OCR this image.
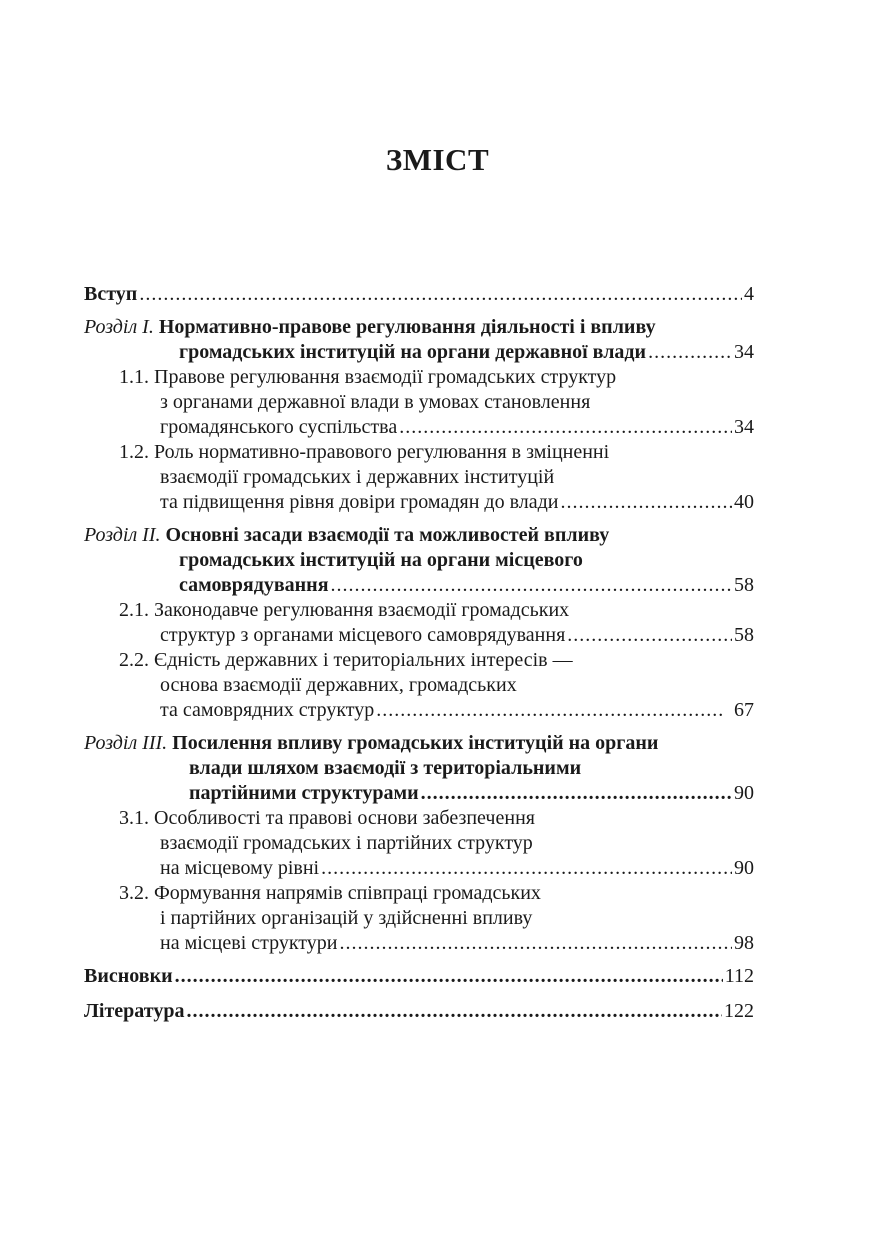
ЗМІСТ
Вступ .....	4
Розділ I. Нормативно-правове регулювання діяльності і впливу
громадських інституцій на органи державної влади .....	34
1.1. Правове регулювання взаємодії громадських структур
з органами державної влади в умовах становлення
громадянського суспільства .....	34
1.2. Роль нормативно-правового регулювання в зміцненні
взаємодії громадських і державних інституцій
та підвищення рівня довіри громадян до влади .....	40
Розділ II. Основні засади взаємодії та можливостей впливу
громадських інституцій на органи місцевого
самоврядування .....	58
2.1. Законодавче регулювання взаємодії громадських
структур з органами місцевого самоврядування .....	58
2.2. Єдність державних і територіальних інтересів —
основа взаємодії державних, громадських
та самоврядних структур .....	67
Розділ III. Посилення впливу громадських інституцій на органи
влади шляхом взаємодії з територіальними
партійними структурами .....	90
3.1. Особливості та правові основи забезпечення
взаємодії громадських і партійних структур
на місцевому рівні .....	90
3.2. Формування напрямів співпраці громадських
і партійних організацій у здійсненні впливу
на місцеві структури .....	98
Висновки .....	112
Література .....	122
